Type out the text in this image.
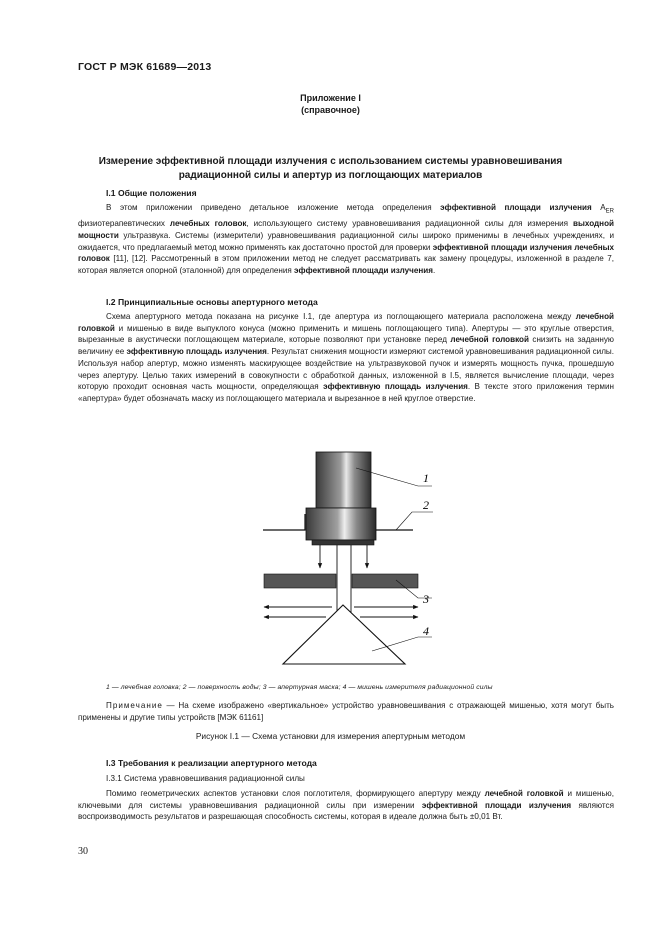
ГОСТ Р МЭК 61689—2013
Приложение I
(справочное)
Измерение эффективной площади излучения с использованием системы уравновешивания
радиационной силы и апертур из поглощающих материалов
I.1 Общие положения
В этом приложении приведено детальное изложение метода определения эффективной площади излучения $A_{ER}$ физиотерапевтических лечебных головок, использующего систему уравновешивания радиационной силы для измерения выходной мощности ультразвука. Системы (измерители) уравновешивания радиационной силы широко применимы в лечебных учреждениях, и ожидается, что предлагаемый метод можно применять как достаточно простой для проверки эффективной площади излучения лечебных головок [11], [12]. Рассмотренный в этом приложении метод не следует рассматривать как замену процедуры, изложенной в разделе 7, которая является опорной (эталонной) для определения эффективной площади излучения.
I.2 Принципиальные основы апертурного метода
Схема апертурного метода показана на рисунке I.1, где апертура из поглощающего материала расположена между лечебной головкой и мишенью в виде выпуклого конуса (можно применить и мишень поглощающего типа). Апертуры — это круглые отверстия, вырезанные в акустически поглощающем материале, которые позволяют при установке перед лечебной головкой снизить на заданную величину ее эффективную площадь излучения. Результат снижения мощности измеряют системой уравновешивания радиационной силы. Используя набор апертур, можно изменять маскирующее воздействие на ультразвуковой пучок и измерять мощность пучка, прошедшую через апертуру. Целью таких измерений в совокупности с обработкой данных, изложенной в I.5, является вычисление площади, через которую проходит основная часть мощности, определяющая эффективную площадь излучения. В тексте этого приложения термин «апертура» будет обозначать маску из поглощающего материала и вырезанное в ней круглое отверстие.
1
2
3
4
1 — лечебная головка; 2 — поверхность воды; 3 — апертурная маска; 4 — мишень измерителя радиационной силы
Примечание — На схеме изображено «вертикальное» устройство уравновешивания с отражающей мишенью, хотя могут быть применены и другие типы устройств [МЭК 61161]
Рисунок I.1 — Схема установки для измерения апертурным методом
I.3 Требования к реализации апертурного метода
I.3.1 Система уравновешивания радиационной силы
Помимо геометрических аспектов установки слоя поглотителя, формирующего апертуру между лечебной головкой и мишенью, ключевыми для системы уравновешивания радиационной силы при измерении эффективной площади излучения являются воспроизводимость результатов и разрешающая способность системы, которая в идеале должна быть ±0,01 Вт.
30
